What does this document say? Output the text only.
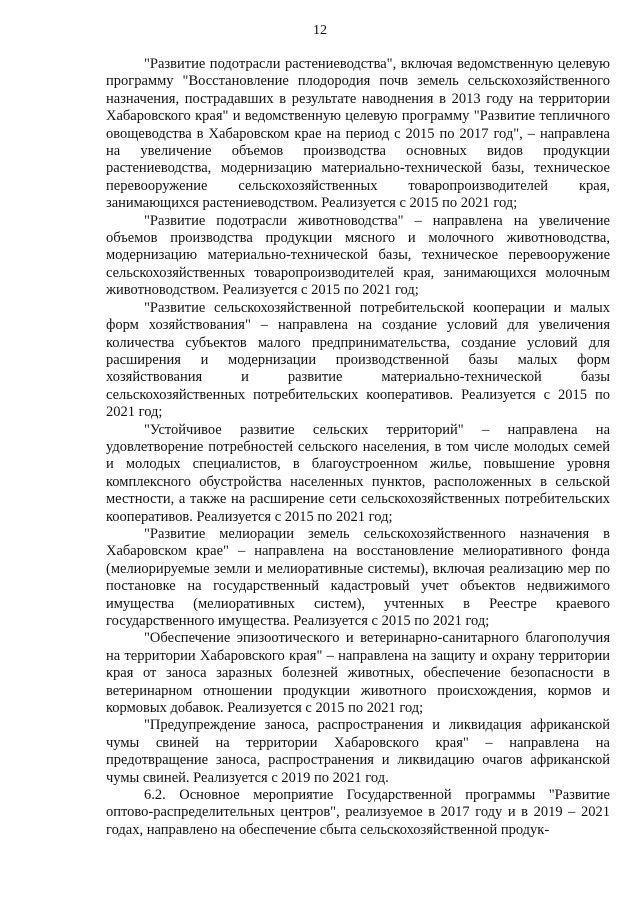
12

"Развитие подотрасли растениеводства", включая ведомственную целевую программу "Восстановление плодородия почв земель сельскохозяйственного назначения, пострадавших в результате наводнения в 2013 году на территории Хабаровского края" и ведомственную целевую программу "Развитие тепличного овощеводства в Хабаровском крае на период с 2015 по 2017 год", – направлена на увеличение объемов производства основных видов продукции растениеводства, модернизацию материально-технической базы, техническое перевооружение сельскохозяйственных товаропроизводителей края, занимающихся растениеводством. Реализуется с 2015 по 2021 год;

"Развитие подотрасли животноводства" – направлена на увеличение объемов производства продукции мясного и молочного животноводства, модернизацию материально-технической базы, техническое перевооружение сельскохозяйственных товаропроизводителей края, занимающихся молочным животноводством. Реализуется с 2015 по 2021 год;

"Развитие сельскохозяйственной потребительской кооперации и малых форм хозяйствования" – направлена на создание условий для увеличения количества субъектов малого предпринимательства, создание условий для расширения и модернизации производственной базы малых форм хозяйствования и развитие материально-технической базы сельскохозяйственных потребительских кооперативов. Реализуется с 2015 по 2021 год;

"Устойчивое развитие сельских территорий" – направлена на удовлетворение потребностей сельского населения, в том числе молодых семей и молодых специалистов, в благоустроенном жилье, повышение уровня комплексного обустройства населенных пунктов, расположенных в сельской местности, а также на расширение сети сельскохозяйственных потребительских кооперативов. Реализуется с 2015 по 2021 год;

"Развитие мелиорации земель сельскохозяйственного назначения в Хабаровском крае" – направлена на восстановление мелиоративного фонда (мелиорируемые земли и мелиоративные системы), включая реализацию мер по постановке на государственный кадастровый учет объектов недвижимого имущества (мелиоративных систем), учтенных в Реестре краевого государственного имущества. Реализуется с 2015 по 2021 год;

"Обеспечение эпизоотического и ветеринарно-санитарного благополучия на территории Хабаровского края" – направлена на защиту и охрану территории края от заноса заразных болезней животных, обеспечение безопасности в ветеринарном отношении продукции животного происхождения, кормов и кормовых добавок. Реализуется с 2015 по 2021 год;

"Предупреждение заноса, распространения и ликвидация африканской чумы свиней на территории Хабаровского края" – направлена на предотвращение заноса, распространения и ликвидацию очагов африканской чумы свиней. Реализуется с 2019 по 2021 год.

6.2. Основное мероприятие Государственной программы "Развитие оптово-распределительных центров", реализуемое в 2017 году и в 2019 – 2021 годах, направлено на обеспечение сбыта сельскохозяйственной продук-
